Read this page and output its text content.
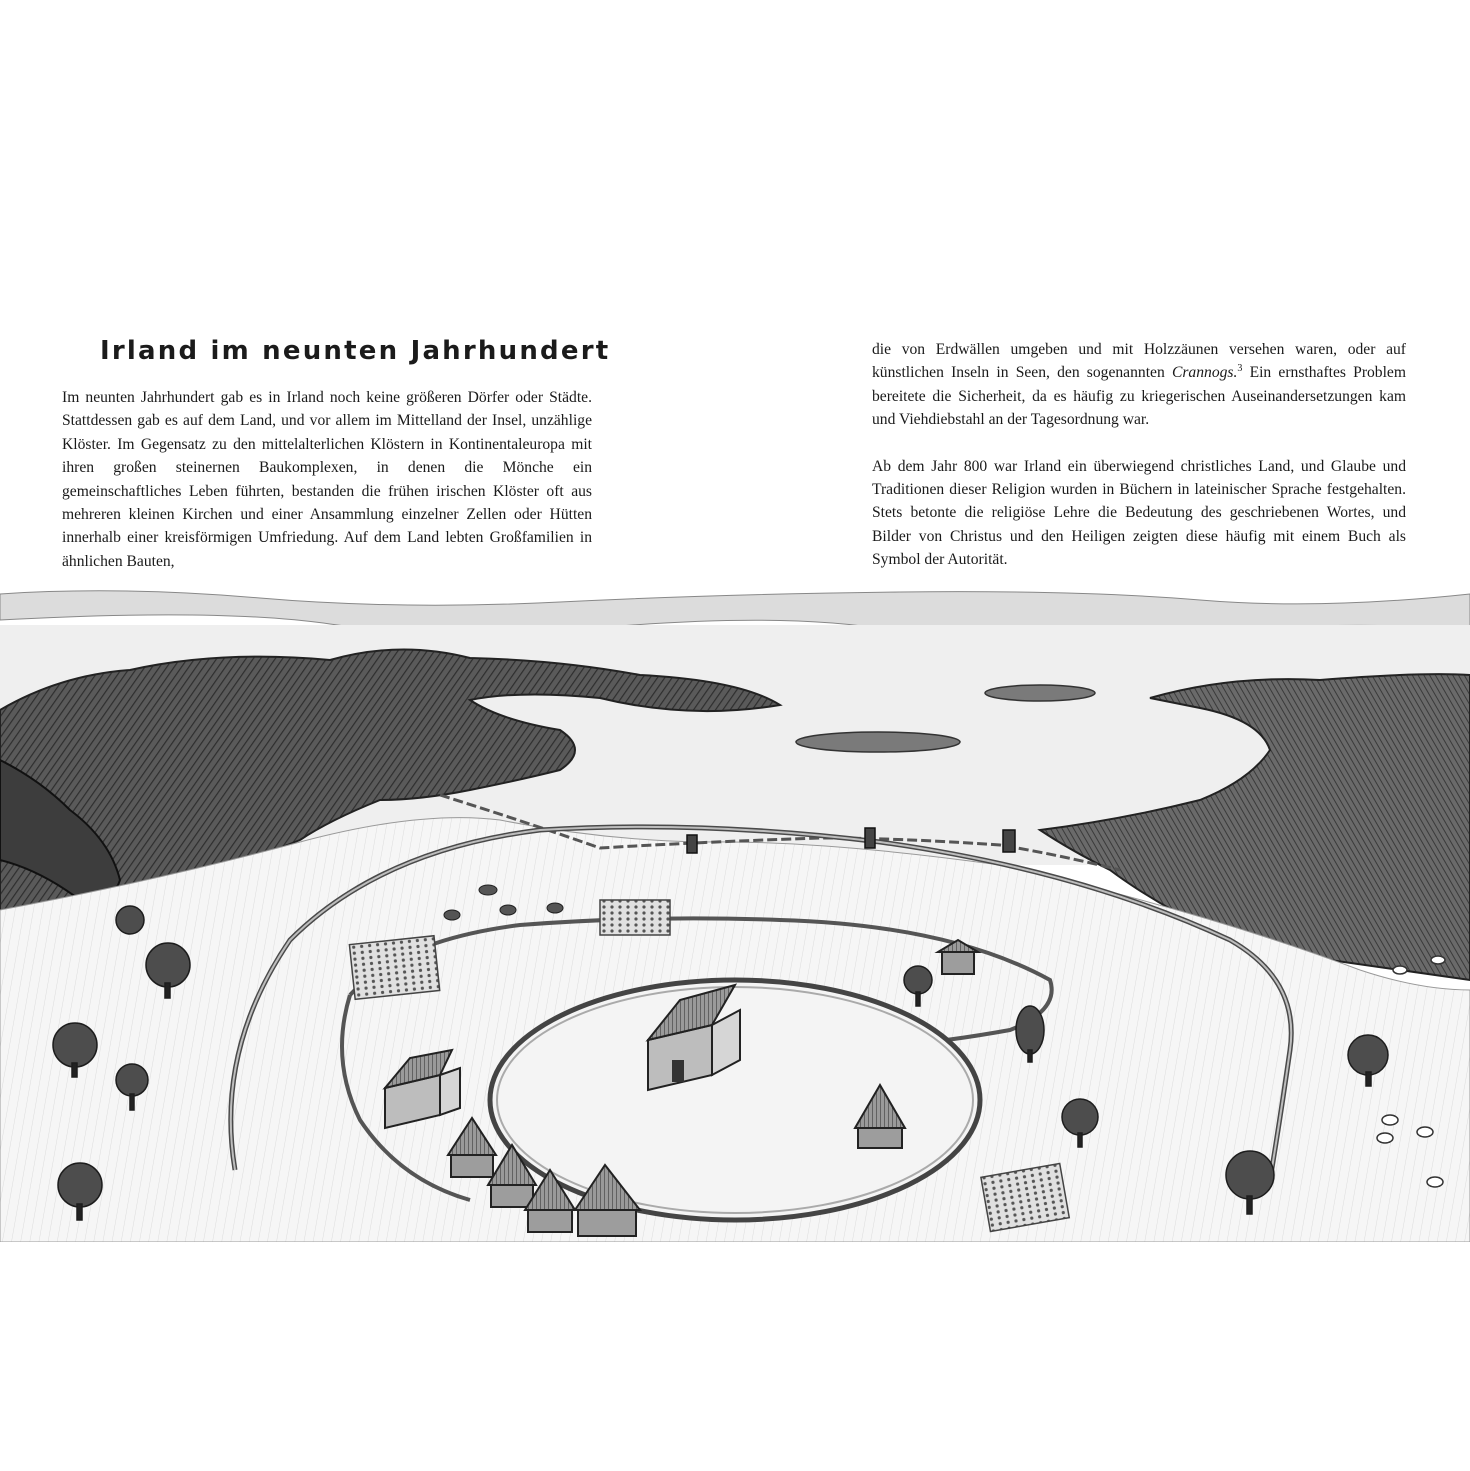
Irland im neunten Jahrhundert

Im neunten Jahrhundert gab es in Irland noch keine größeren Dörfer oder Städte. Stattdessen gab es auf dem Land, und vor allem im Mittelland der Insel, unzählige Klöster. Im Gegensatz zu den mittelalterlichen Klöstern in Kontinentaleuropa mit ihren großen steinernen Baukomplexen, in denen die Mönche ein gemeinschaftliches Leben führten, bestanden die frühen irischen Klöster oft aus mehreren kleinen Kirchen und einer Ansammlung einzelner Zellen oder Hütten innerhalb einer kreisförmigen Umfriedung. Auf dem Land lebten Großfamilien in ähnlichen Bauten,

die von Erdwällen umgeben und mit Holzzäunen versehen waren, oder auf künstlichen Inseln in Seen, den sogenannten Crannogs.$^3$ Ein ernsthaftes Problem bereitete die Sicherheit, da es häufig zu kriegerischen Auseinandersetzungen kam und Viehdiebstahl an der Tagesordnung war.

Ab dem Jahr 800 war Irland ein überwiegend christliches Land, und Glaube und Traditionen dieser Religion wurden in Büchern in lateinischer Sprache festgehalten. Stets betonte die religiöse Lehre die Bedeutung des geschriebenen Wortes, und Bilder von Christus und den Heiligen zeigten diese häufig mit einem Buch als Symbol der Autorität.
